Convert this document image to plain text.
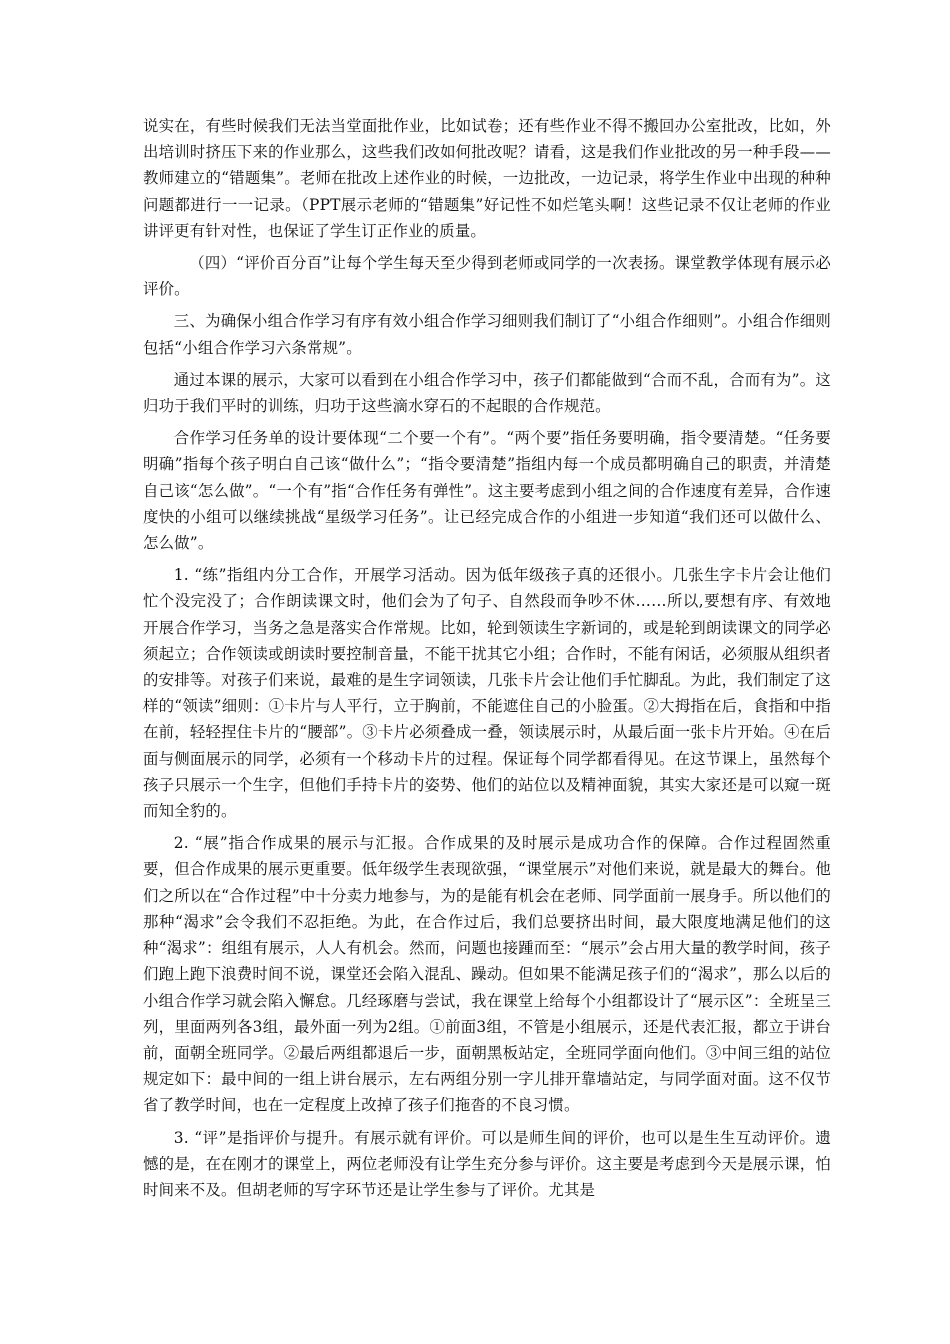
说实在，有些时候我们无法当堂面批作业，比如试卷；还有些作业不得不搬回办公室批改，比如，外出培训时挤压下来的作业那么，这些我们改如何批改呢？请看，这是我们作业批改的另一种手段——教师建立的“错题集”。老师在批改上述作业的时候，一边批改，一边记录，将学生作业中出现的种种问题都进行一一记录。（PPT展示老师的“错题集”好记性不如烂笔头啊！这些记录不仅让老师的作业讲评更有针对性，也保证了学生订正作业的质量。

（四）“评价百分百”让每个学生每天至少得到老师或同学的一次表扬。课堂教学体现有展示必评价。

三、为确保小组合作学习有序有效小组合作学习细则我们制订了“小组合作细则”。小组合作细则包括“小组合作学习六条常规”。

通过本课的展示，大家可以看到在小组合作学习中，孩子们都能做到“合而不乱，合而有为”。这归功于我们平时的训练，归功于这些滴水穿石的不起眼的合作规范。

合作学习任务单的设计要体现“二个要一个有”。“两个要”指任务要明确，指令要清楚。“任务要明确”指每个孩子明白自己该“做什么”；“指令要清楚”指组内每一个成员都明确自己的职责，并清楚自己该“怎么做”。“一个有”指“合作任务有弹性”。这主要考虑到小组之间的合作速度有差异，合作速度快的小组可以继续挑战“星级学习任务”。让已经完成合作的小组进一步知道“我们还可以做什么、怎么做”。

1. “练”指组内分工合作，开展学习活动。因为低年级孩子真的还很小。几张生字卡片会让他们忙个没完没了；合作朗读课文时，他们会为了句子、自然段而争吵不休……所以,要想有序、有效地开展合作学习，当务之急是落实合作常规。比如，轮到领读生字新词的，或是轮到朗读课文的同学必须起立；合作领读或朗读时要控制音量，不能干扰其它小组；合作时，不能有闲话，必须服从组织者的安排等。对孩子们来说，最难的是生字词领读，几张卡片会让他们手忙脚乱。为此，我们制定了这样的“领读”细则：①卡片与人平行，立于胸前，不能遮住自己的小脸蛋。②大拇指在后，食指和中指在前，轻轻捏住卡片的“腰部”。③卡片必须叠成一叠，领读展示时，从最后面一张卡片开始。④在后面与侧面展示的同学，必须有一个移动卡片的过程。保证每个同学都看得见。在这节课上，虽然每个孩子只展示一个生字，但他们手持卡片的姿势、他们的站位以及精神面貌，其实大家还是可以窥一斑而知全豹的。

2. “展”指合作成果的展示与汇报。合作成果的及时展示是成功合作的保障。合作过程固然重要，但合作成果的展示更重要。低年级学生表现欲强，“课堂展示”对他们来说，就是最大的舞台。他们之所以在“合作过程”中十分卖力地参与，为的是能有机会在老师、同学面前一展身手。所以他们的那种“渴求”会令我们不忍拒绝。为此，在合作过后，我们总要挤出时间，最大限度地满足他们的这种“渴求”：组组有展示，人人有机会。然而，问题也接踵而至：“展示”会占用大量的教学时间，孩子们跑上跑下浪费时间不说，课堂还会陷入混乱、躁动。但如果不能满足孩子们的“渴求”，那么以后的小组合作学习就会陷入懈怠。几经琢磨与尝试，我在课堂上给每个小组都设计了“展示区”：全班呈三列，里面两列各3组，最外面一列为2组。①前面3组，不管是小组展示，还是代表汇报，都立于讲台前，面朝全班同学。②最后两组都退后一步，面朝黑板站定，全班同学面向他们。③中间三组的站位规定如下：最中间的一组上讲台展示，左右两组分别一字儿排开靠墙站定，与同学面对面。这不仅节省了教学时间，也在一定程度上改掉了孩子们拖沓的不良习惯。

3. “评”是指评价与提升。有展示就有评价。可以是师生间的评价，也可以是生生互动评价。遗憾的是，在在刚才的课堂上，两位老师没有让学生充分参与评价。这主要是考虑到今天是展示课，怕时间来不及。但胡老师的写字环节还是让学生参与了评价。尤其是
